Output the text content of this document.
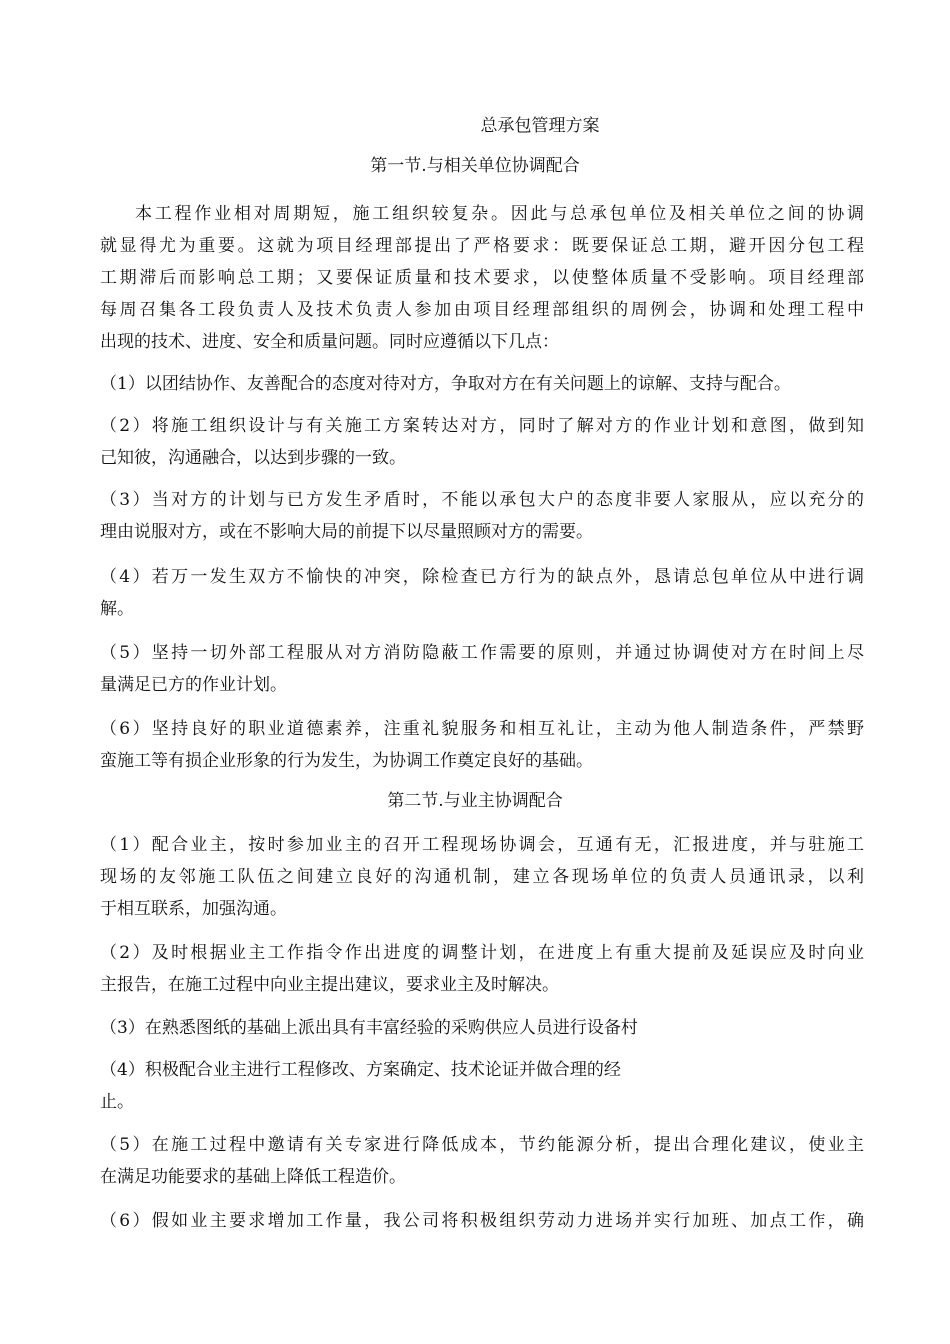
总承包管理方案
第一节.与相关单位协调配合
本工程作业相对周期短，施工组织较复杂。因此与总承包单位及相关单位之间的协调
就显得尤为重要。这就为项目经理部提出了严格要求：既要保证总工期，避开因分包工程
工期滞后而影响总工期；又要保证质量和技术要求，以使整体质量不受影响。项目经理部
每周召集各工段负责人及技术负责人参加由项目经理部组织的周例会，协调和处理工程中
出现的技术、进度、安全和质量问题。同时应遵循以下几点：
（1）以团结协作、友善配合的态度对待对方，争取对方在有关问题上的谅解、支持与配合。
（2）将施工组织设计与有关施工方案转达对方，同时了解对方的作业计划和意图，做到知
己知彼，沟通融合，以达到步骤的一致。
（3）当对方的计划与已方发生矛盾时，不能以承包大户的态度非要人家服从，应以充分的
理由说服对方，或在不影响大局的前提下以尽量照顾对方的需要。
（4）若万一发生双方不愉快的冲突，除检查已方行为的缺点外，恳请总包单位从中进行调
解。
（5）坚持一切外部工程服从对方消防隐蔽工作需要的原则，并通过协调使对方在时间上尽
量满足已方的作业计划。
（6）坚持良好的职业道德素养，注重礼貌服务和相互礼让，主动为他人制造条件，严禁野
蛮施工等有损企业形象的行为发生，为协调工作奠定良好的基础。
第二节.与业主协调配合
（1）配合业主，按时参加业主的召开工程现场协调会，互通有无，汇报进度，并与驻施工
现场的友邻施工队伍之间建立良好的沟通机制，建立各现场单位的负责人员通讯录，以利
于相互联系，加强沟通。
（2）及时根据业主工作指令作出进度的调整计划，在进度上有重大提前及延误应及时向业
主报告，在施工过程中向业主提出建议，要求业主及时解决。
（3）在熟悉图纸的基础上派出具有丰富经验的采购供应人员进行设备村
（4）积极配合业主进行工程修改、方案确定、技术论证并做合理的经
止。
（5）在施工过程中邀请有关专家进行降低成本，节约能源分析，提出合理化建议，使业主
在满足功能要求的基础上降低工程造价。
（6）假如业主要求增加工作量，我公司将积极组织劳动力进场并实行加班、加点工作，确
